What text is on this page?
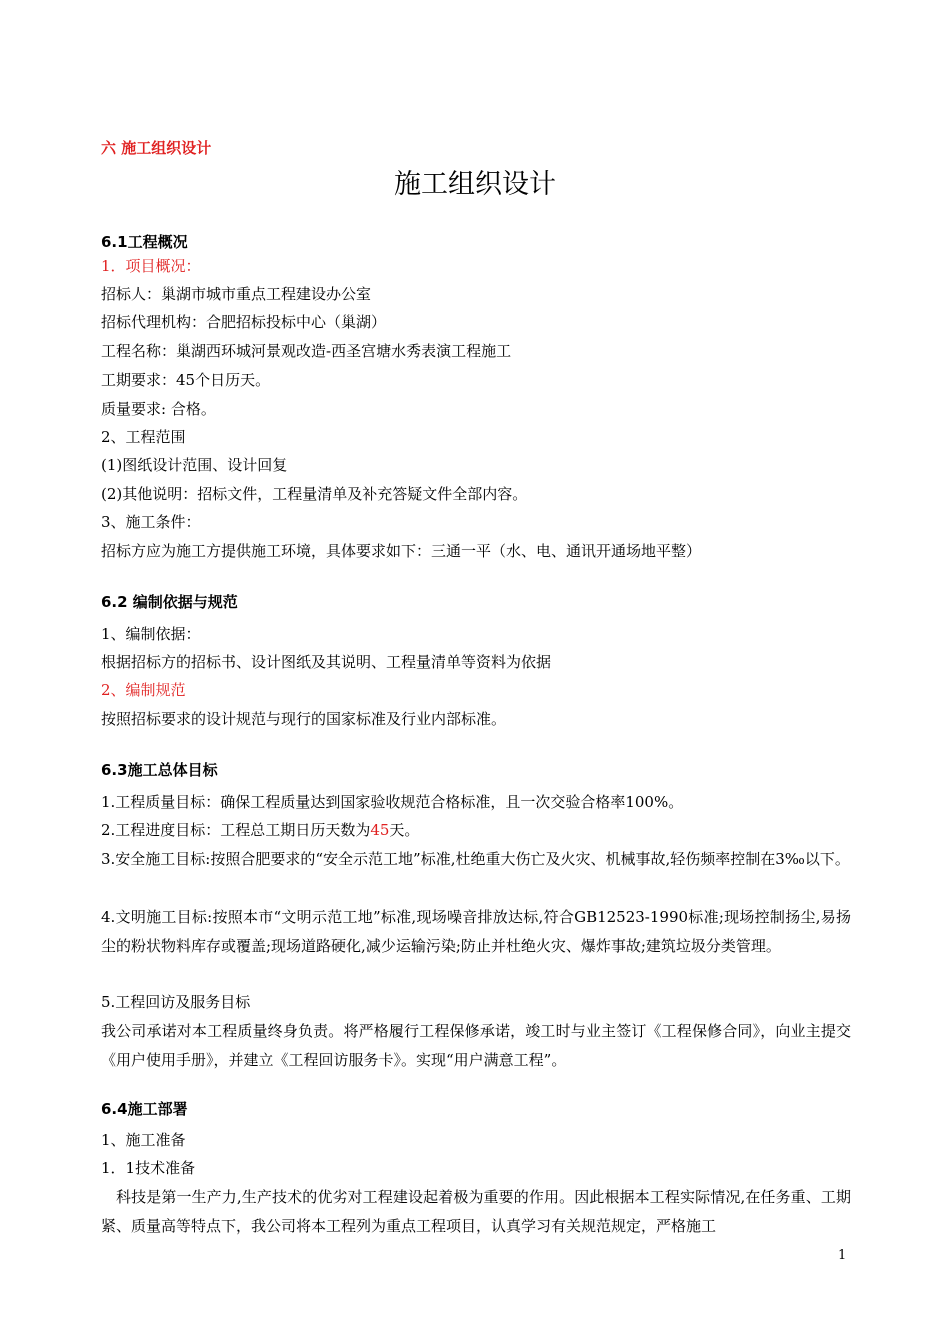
六 施工组织设计
施工组织设计
6.1工程概况
1．项目概况：
招标人：巢湖市城市重点工程建设办公室
招标代理机构：合肥招标投标中心（巢湖）
工程名称：巢湖西环城河景观改造-西圣宫塘水秀表演工程施工
工期要求：45个日历天。
质量要求: 合格。
2、工程范围
(1)图纸设计范围、设计回复
(2)其他说明：招标文件，工程量清单及补充答疑文件全部内容。
3、施工条件：
招标方应为施工方提供施工环境，具体要求如下：三通一平（水、电、通讯开通场地平整）
6.2 编制依据与规范
1、编制依据：
根据招标方的招标书、设计图纸及其说明、工程量清单等资料为依据
2、编制规范
按照招标要求的设计规范与现行的国家标准及行业内部标准。
6.3施工总体目标
1.工程质量目标：确保工程质量达到国家验收规范合格标准，且一次交验合格率100%。
2.工程进度目标：工程总工期日历天数为45天。
3.安全施工目标:按照合肥要求的“安全示范工地”标准,杜绝重大伤亡及火灾、机械事故,轻伤频率控制在3‰以下。
4.文明施工目标:按照本市“文明示范工地”标准,现场噪音排放达标,符合GB12523-1990标准;现场控制扬尘,易扬尘的粉状物料库存或覆盖;现场道路硬化,减少运输污染;防止并杜绝火灾、爆炸事故;建筑垃圾分类管理。
5.工程回访及服务目标
我公司承诺对本工程质量终身负责。将严格履行工程保修承诺，竣工时与业主签订《工程保修合同》，向业主提交《用户使用手册》，并建立《工程回访服务卡》。实现“用户满意工程”。
6.4施工部署
1、施工准备
1．1技术准备
科技是第一生产力,生产技术的优劣对工程建设起着极为重要的作用。因此根据本工程实际情况,在任务重、工期紧、质量高等特点下，我公司将本工程列为重点工程项目，认真学习有关规范规定，严格施工
1
